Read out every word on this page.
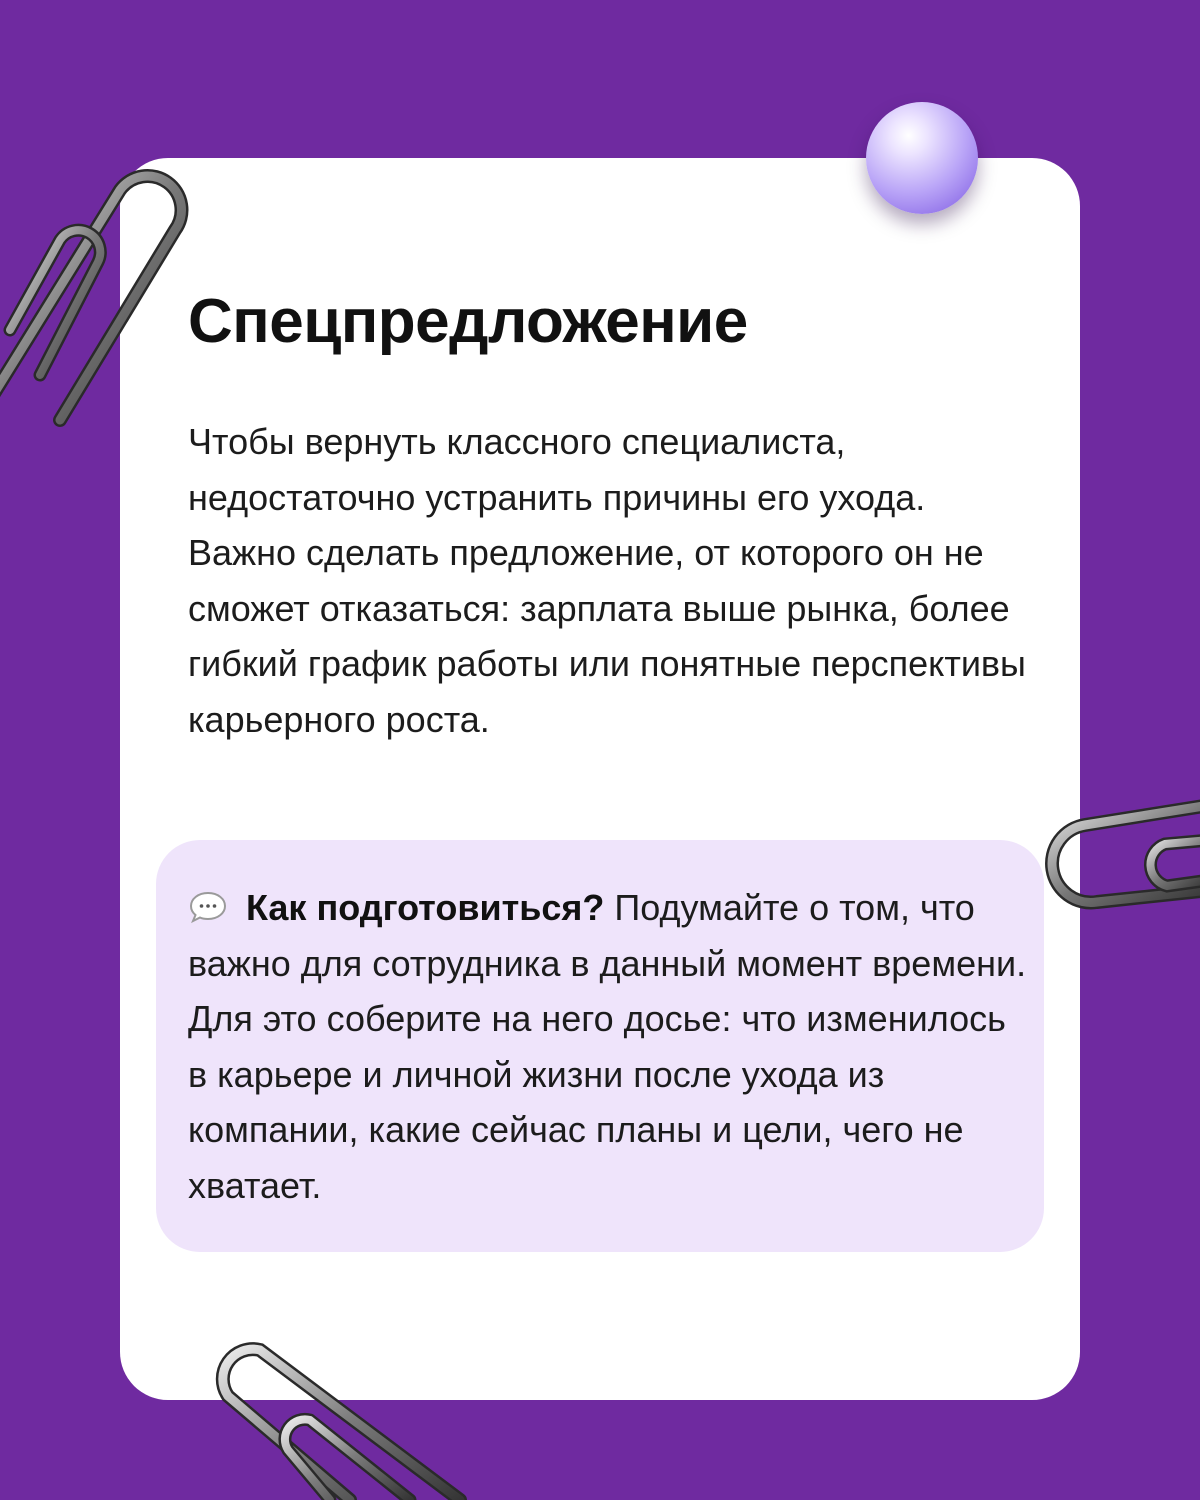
Спецпредложение

Чтобы вернуть классного специалиста, недостаточно устранить причины его ухода. Важно сделать предложение, от которого он не сможет отказаться: зарплата выше рынка, более гибкий график работы или понятные перспективы карьерного роста.

Как подготовиться? Подумайте о том, что важно для сотрудника в данный момент времени. Для это соберите на него досье: что изменилось в карьере и личной жизни после ухода из компании, какие сейчас планы и цели, чего не хватает.
